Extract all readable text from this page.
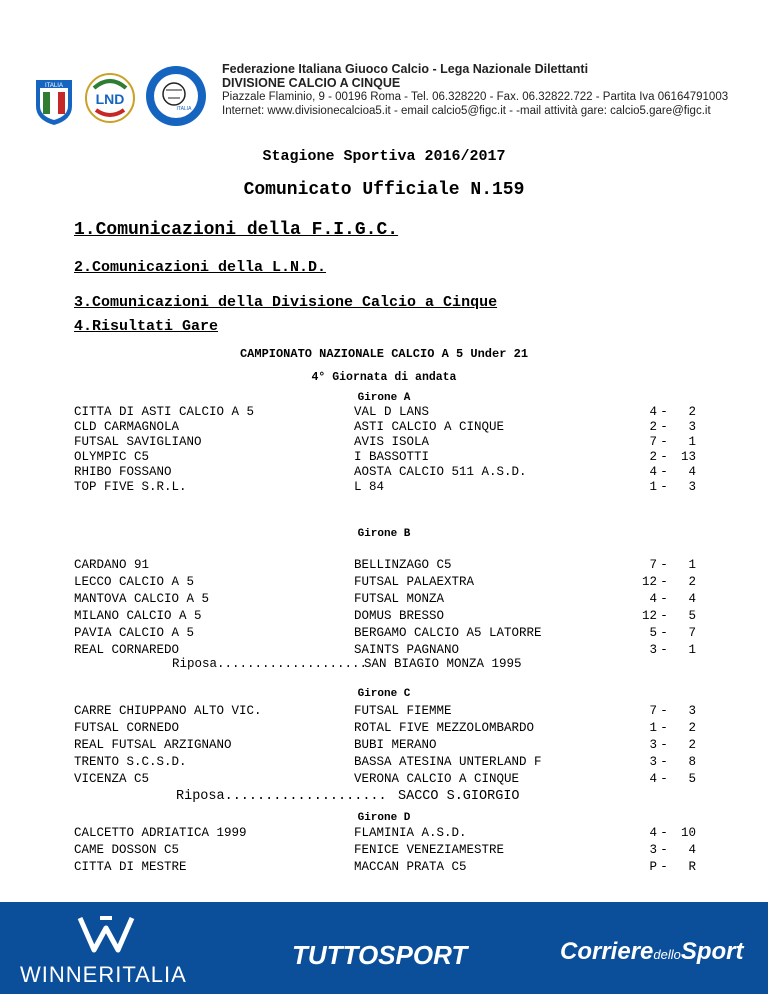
ITALIA
LND
ITALIA
Federazione Italiana Giuoco Calcio - Lega Nazionale Dilettanti
DIVISIONE CALCIO A CINQUE
Piazzale Flaminio, 9 - 00196 Roma - Tel. 06.328220 - Fax. 06.32822.722 - Partita Iva 06164791003
Internet: www.divisionecalcioa5.it - email calcio5@figc.it - -mail attività gare: calcio5.gare@figc.it
Stagione Sportiva 2016/2017
Comunicato Ufficiale N.159
1.Comunicazioni della F.I.G.C.
2.Comunicazioni della L.N.D.
3.Comunicazioni della Divisione Calcio a Cinque
4.Risultati Gare
CAMPIONATO NAZIONALE CALCIO A 5 Under 21
4° Giornata di andata
Girone A
CITTA DI ASTI CALCIO A 5	VAL D LANS	4 -	2
CLD CARMAGNOLA	ASTI CALCIO A CINQUE	2 -	3
FUTSAL SAVIGLIANO	AVIS ISOLA	7 -	1
OLYMPIC C5	I BASSOTTI	2 -	13
RHIBO FOSSANO	AOSTA CALCIO 511 A.S.D.	4 -	4
TOP FIVE S.R.L.	L 84	1 -	3
Girone B
CARDANO 91	BELLINZAGO C5	7 -	1
LECCO CALCIO A 5	FUTSAL PALAEXTRA	12 -	2
MANTOVA CALCIO A 5	FUTSAL MONZA	4 -	4
MILANO CALCIO A 5	DOMUS BRESSO	12 -	5
PAVIA CALCIO A 5	BERGAMO CALCIO A5 LATORRE	5 -	7
REAL CORNAREDO	SAINTS PAGNANO	3 -	1
Riposa....................
SAN BIAGIO MONZA 1995
Girone C
CARRE CHIUPPANO ALTO VIC.	FUTSAL FIEMME	7 -	3
FUTSAL CORNEDO	ROTAL FIVE MEZZOLOMBARDO	1 -	2
REAL FUTSAL ARZIGNANO	BUBI MERANO	3 -	2
TRENTO S.C.S.D.	BASSA ATESINA UNTERLAND F	3 -	8
VICENZA C5	VERONA CALCIO A CINQUE	4 -	5
Riposa.................... SACCO S.GIORGIO
Girone D
CALCETTO ADRIATICA 1999	FLAMINIA A.S.D.	4 -	10
CAME DOSSON C5	FENICE VENEZIAMESTRE	3 -	4
CITTA DI MESTRE	MACCAN PRATA C5	P -	R
WINNERITALIA
TUTTOSPORT	CorrieredelloSport
